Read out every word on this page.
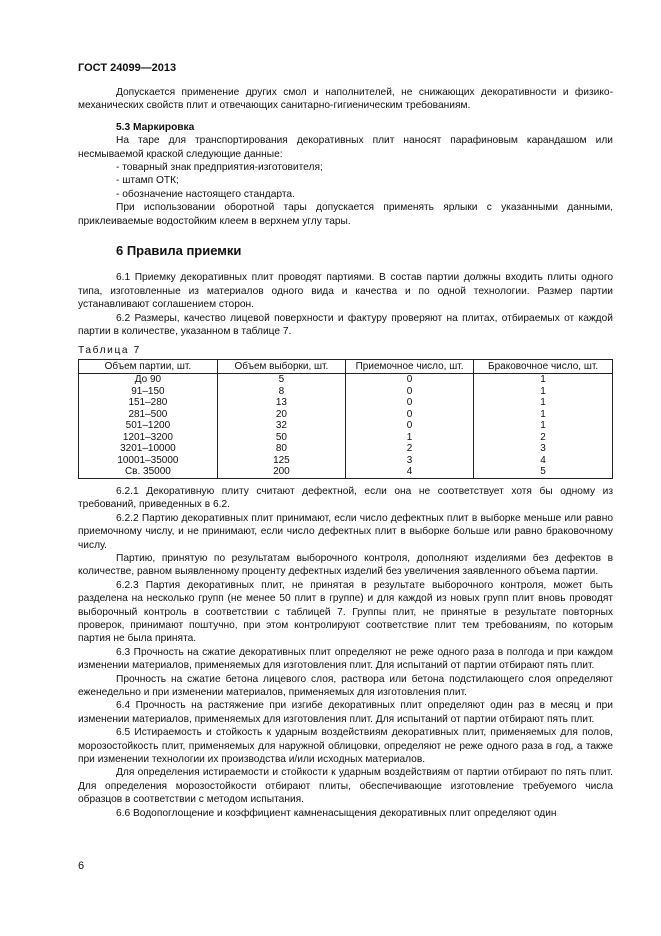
ГОСТ 24099—2013

Допускается применение других смол и наполнителей, не снижающих декоративности и физико-механических свойств плит и отвечающих санитарно-гигиеническим требованиям.

5.3 Маркировка

На таре для транспортирования декоративных плит наносят парафиновым карандашом или несмываемой краской следующие данные:

- товарный знак предприятия-изготовителя;

- штамп ОТК;

- обозначение настоящего стандарта.

При использовании оборотной тары допускается применять ярлыки с указанными данными, приклеиваемые водостойким клеем в верхнем углу тары.

6 Правила приемки

6.1 Приемку декоративных плит проводят партиями. В состав партии должны входить плиты одного типа, изготовленные из материалов одного вида и качества и по одной технологии. Размер партии устанавливают соглашением сторон.

6.2 Размеры, качество лицевой поверхности и фактуру проверяют на плитах, отбираемых от каждой партии в количестве, указанном в таблице 7.

Таблица 7
Объем партии, шт.	Объем выборки, шт.	Приемочное число, шт.	Браковочное число, шт.
До 90	5	0	1
91–150	8	0	1
151–280	13	0	1
281–500	20	0	1
501–1200	32	0	1
1201–3200	50	1	2
3201–10000	80	2	3
10001–35000	125	3	4
Св. 35000	200	4	5

6.2.1 Декоративную плиту считают дефектной, если она не соответствует хотя бы одному из требований, приведенных в 6.2.

6.2.2 Партию декоративных плит принимают, если число дефектных плит в выборке меньше или равно приемочному числу, и не принимают, если число дефектных плит в выборке больше или равно браковочному числу.

Партию, принятую по результатам выборочного контроля, дополняют изделиями без дефектов в количестве, равном выявленному проценту дефектных изделий без увеличения заявленного объема партии.

6.2.3 Партия декоративных плит, не принятая в результате выборочного контроля, может быть разделена на несколько групп (не менее 50 плит в группе) и для каждой из новых групп плит вновь проводят выборочный контроль в соответствии с таблицей 7. Группы плит, не принятые в результате повторных проверок, принимают поштучно, при этом контролируют соответствие плит тем требованиям, по которым партия не была принята.

6.3 Прочность на сжатие декоративных плит определяют не реже одного раза в полгода и при каждом изменении материалов, применяемых для изготовления плит. Для испытаний от партии отбирают пять плит.

Прочность на сжатие бетона лицевого слоя, раствора или бетона подстилающего слоя определяют еженедельно и при изменении материалов, применяемых для изготовления плит.

6.4 Прочность на растяжение при изгибе декоративных плит определяют один раз в месяц и при изменении материалов, применяемых для изготовления плит. Для испытаний от партии отбирают пять плит.

6.5 Истираемость и стойкость к ударным воздействиям декоративных плит, применяемых для полов, морозостойкость плит, применяемых для наружной облицовки, определяют не реже одного раза в год, а также при изменении технологии их производства и/или исходных материалов.

Для определения истираемости и стойкости к ударным воздействиям от партии отбирают по пять плит. Для определения морозостойкости отбирают плиты, обеспечивающие изготовление требуемого числа образцов в соответствии с методом испытания.

6.6 Водопоглощение и коэффициент камненасыщения декоративных плит определяют один

6
